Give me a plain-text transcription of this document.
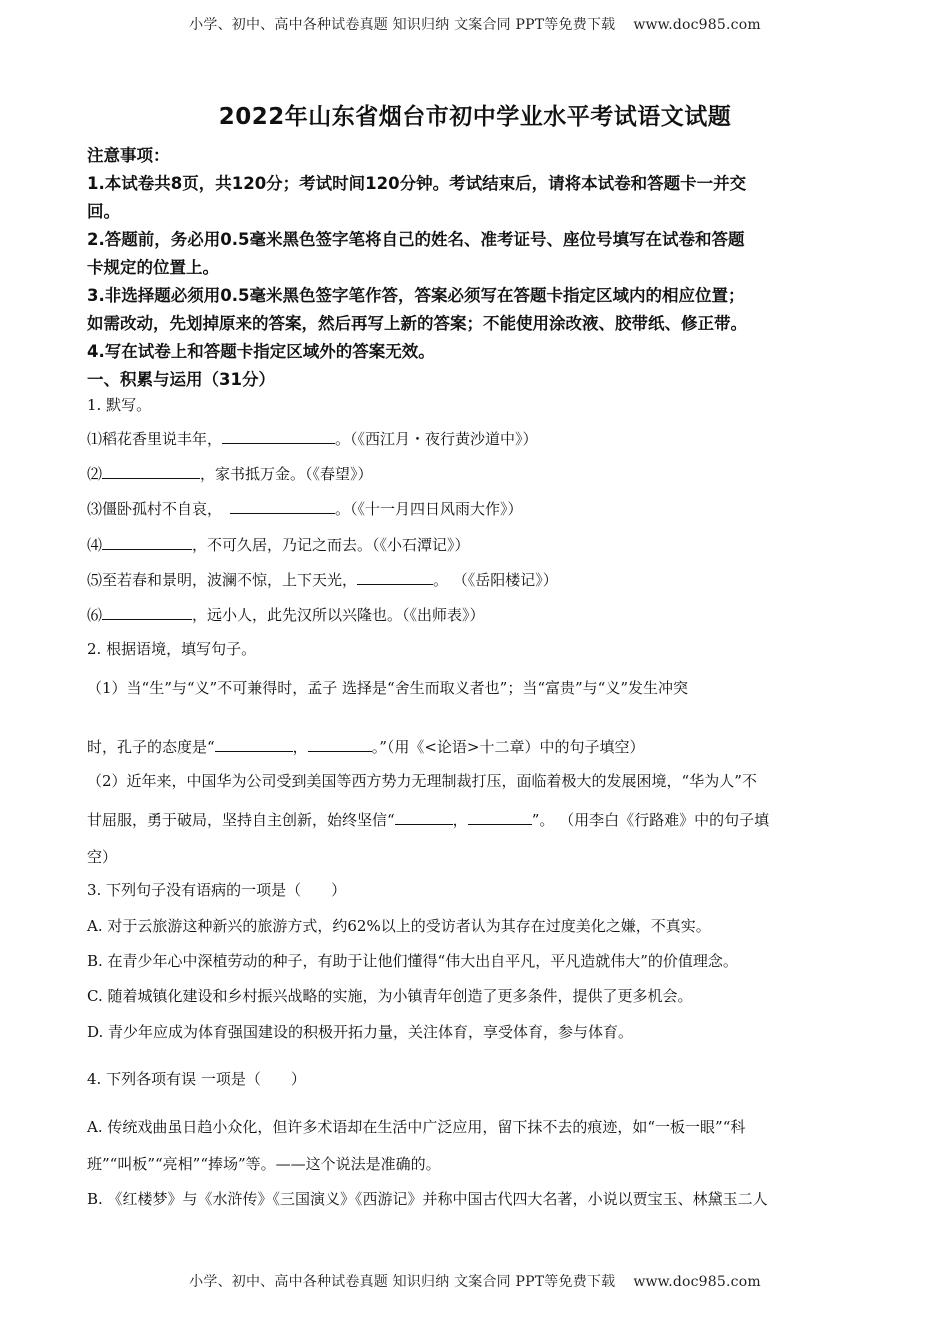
小学、初中、高中各种试卷真题 知识归纳 文案合同 PPT等免费下载 www.doc985.com
2022年山东省烟台市初中学业水平考试语文试题
注意事项：
1.本试卷共8页，共120分；考试时间120分钟。考试结束后，请将本试卷和答题卡一并交
回。
2.答题前，务必用0.5毫米黑色签字笔将自己的姓名、准考证号、座位号填写在试卷和答题
卡规定的位置上。
3.非选择题必须用0.5毫米黑色签字笔作答，答案必须写在答题卡指定区域内的相应位置；
如需改动，先划掉原来的答案，然后再写上新的答案；不能使用涂改液、胶带纸、修正带。
4.写在试卷上和答题卡指定区域外的答案无效。
一、积累与运用（31分）
1. 默写。
⑴稻花香里说丰年，	。（《西江月・夜行黄沙道中》）
⑵	，家书抵万金。（《春望》）
⑶僵卧孤村不自哀，	。（《十一月四日风雨大作》）
⑷	，不可久居，乃记之而去。（《小石潭记》）
⑸至若春和景明，波澜不惊，上下天光，	。 （《岳阳楼记》）
⑹	，远小人，此先汉所以兴隆也。（《出师表》）
2. 根据语境，填写句子。
（1）当“生”与“义”不可兼得时，孟子 选择是“舍生而取义者也”；当“富贵”与“义”发生冲突
时，孔子的态度是“	，	。”（用《<论语>十二章）中的句子填空）
（2）近年来，中国华为公司受到美国等西方势力无理制裁打压，面临着极大的发展困境，“华为人”不
甘屈服，勇于破局，坚持自主创新，始终坚信“	，	”。 （用李白《行路难》中的句子填
空）
3. 下列句子没有语病的一项是（　　）
A. 对于云旅游这种新兴的旅游方式，约62%以上的受访者认为其存在过度美化之嫌，不真实。
B. 在青少年心中深植劳动的种子，有助于让他们懂得“伟大出自平凡，平凡造就伟大”的价值理念。
C. 随着城镇化建设和乡村振兴战略的实施，为小镇青年创造了更多条件，提供了更多机会。
D. 青少年应成为体育强国建设的积极开拓力量，关注体育，享受体育，参与体育。
4. 下列各项有误 一项是（　　）
A. 传统戏曲虽日趋小众化，但许多术语却在生活中广泛应用，留下抹不去的痕迹，如“一板一眼”“科
班”“叫板”“亮相”“捧场”等。——这个说法是准确的。
B. 《红楼梦》与《水浒传》《三国演义》《西游记》并称中国古代四大名著，小说以贾宝玉、林黛玉二人
小学、初中、高中各种试卷真题 知识归纳 文案合同 PPT等免费下载 www.doc985.com
